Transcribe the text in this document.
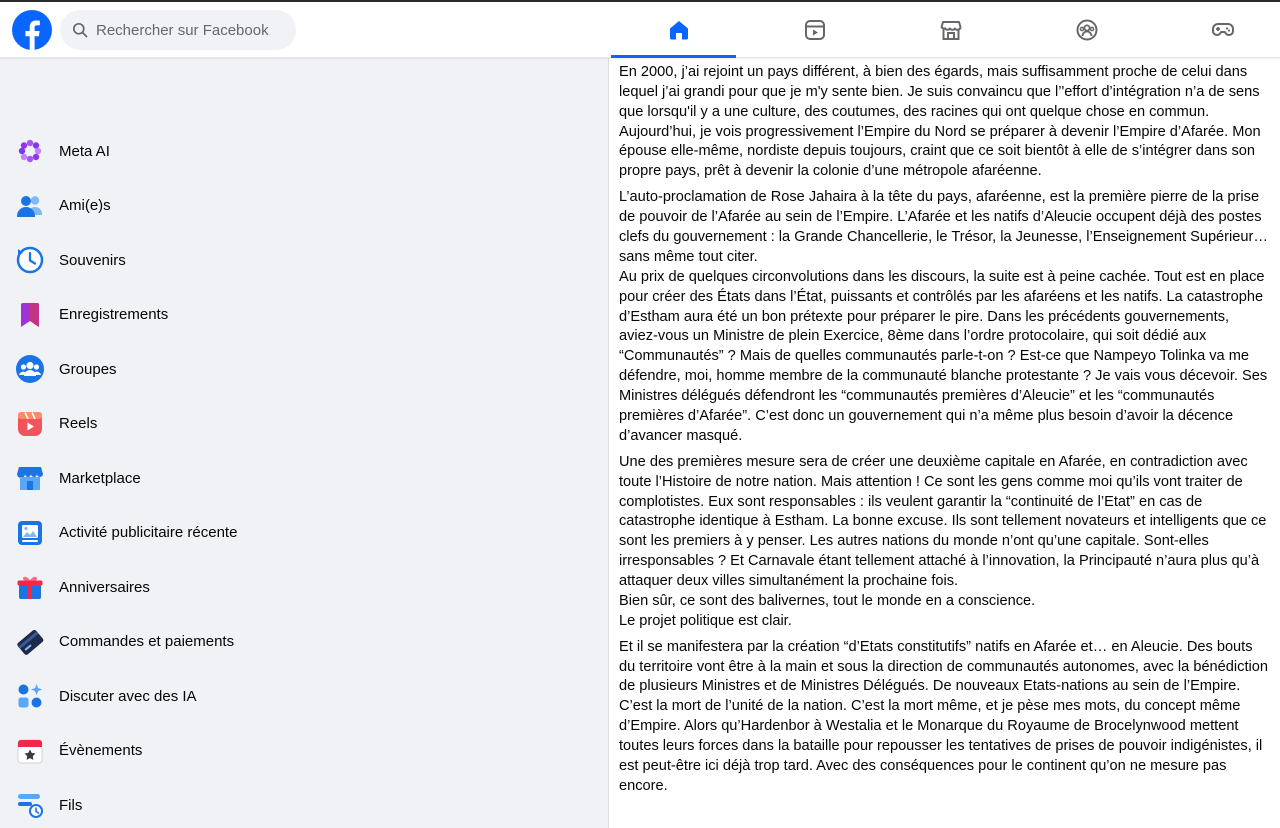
Rechercher sur Facebook
Meta AI
Ami(e)s
Souvenirs
Enregistrements
Groupes
Reels
Marketplace
Activité publicitaire récente
Anniversaires
Commandes et paiements
Discuter avec des IA
Évènements
Fils

En 2000, j’ai rejoint un pays différent, à bien des égards, mais suffisamment proche de celui dans lequel j’ai grandi pour que je m'y sente bien. Je suis convaincu que l’'effort d’intégration n’a de sens que lorsqu'il y a une culture, des coutumes, des racines qui ont quelque chose en commun. Aujourd’hui, je vois progressivement l’Empire du Nord se préparer à devenir l’Empire d’Afarée. Mon épouse elle-même, nordiste depuis toujours, craint que ce soit bientôt à elle de s’intégrer dans son propre pays, prêt à devenir la colonie d’une métropole afaréenne.

L’auto-proclamation de Rose Jahaira à la tête du pays, afaréenne, est la première pierre de la prise de pouvoir de l’Afarée au sein de l’Empire. L’Afarée et les natifs d’Aleucie occupent déjà des postes clefs du gouvernement : la Grande Chancellerie, le Trésor, la Jeunesse, l’Enseignement Supérieur… sans même tout citer.
Au prix de quelques circonvolutions dans les discours, la suite est à peine cachée. Tout est en place pour créer des États dans l’État, puissants et contrôlés par les afaréens et les natifs. La catastrophe d’Estham aura été un bon prétexte pour préparer le pire. Dans les précédents gouvernements, aviez-vous un Ministre de plein Exercice, 8ème dans l’ordre protocolaire, qui soit dédié aux “Communautés” ? Mais de quelles communautés parle-t-on ? Est-ce que Nampeyo Tolinka va me défendre, moi, homme membre de la communauté blanche protestante ? Je vais vous décevoir. Ses Ministres délégués défendront les “communautés premières d’Aleucie” et les “communautés premières d’Afarée”. C’est donc un gouvernement qui n’a même plus besoin d’avoir la décence d’avancer masqué.

Une des premières mesure sera de créer une deuxième capitale en Afarée, en contradiction avec toute l’Histoire de notre nation. Mais attention ! Ce sont les gens comme moi qu’ils vont traiter de complotistes. Eux sont responsables : ils veulent garantir la “continuité de l’Etat” en cas de catastrophe identique à Estham. La bonne excuse. Ils sont tellement novateurs et intelligents que ce sont les premiers à y penser. Les autres nations du monde n’ont qu’une capitale. Sont-elles irresponsables ? Et Carnavale étant tellement attaché à l’innovation, la Principauté n’aura plus qu’à attaquer deux villes simultanément la prochaine fois.
Bien sûr, ce sont des balivernes, tout le monde en a conscience.
Le projet politique est clair.

Et il se manifestera par la création “d’Etats constitutifs” natifs en Afarée et… en Aleucie. Des bouts du territoire vont être à la main et sous la direction de communautés autonomes, avec la bénédiction de plusieurs Ministres et de Ministres Délégués. De nouveaux Etats-nations au sein de l’Empire. C’est la mort de l’unité de la nation. C’est la mort même, et je pèse mes mots, du concept même d’Empire. Alors qu’Hardenbor à Westalia et le Monarque du Royaume de Brocelynwood mettent toutes leurs forces dans la bataille pour repousser les tentatives de prises de pouvoir indigénistes, il est peut-être ici déjà trop tard. Avec des conséquences pour le continent qu’on ne mesure pas encore.
